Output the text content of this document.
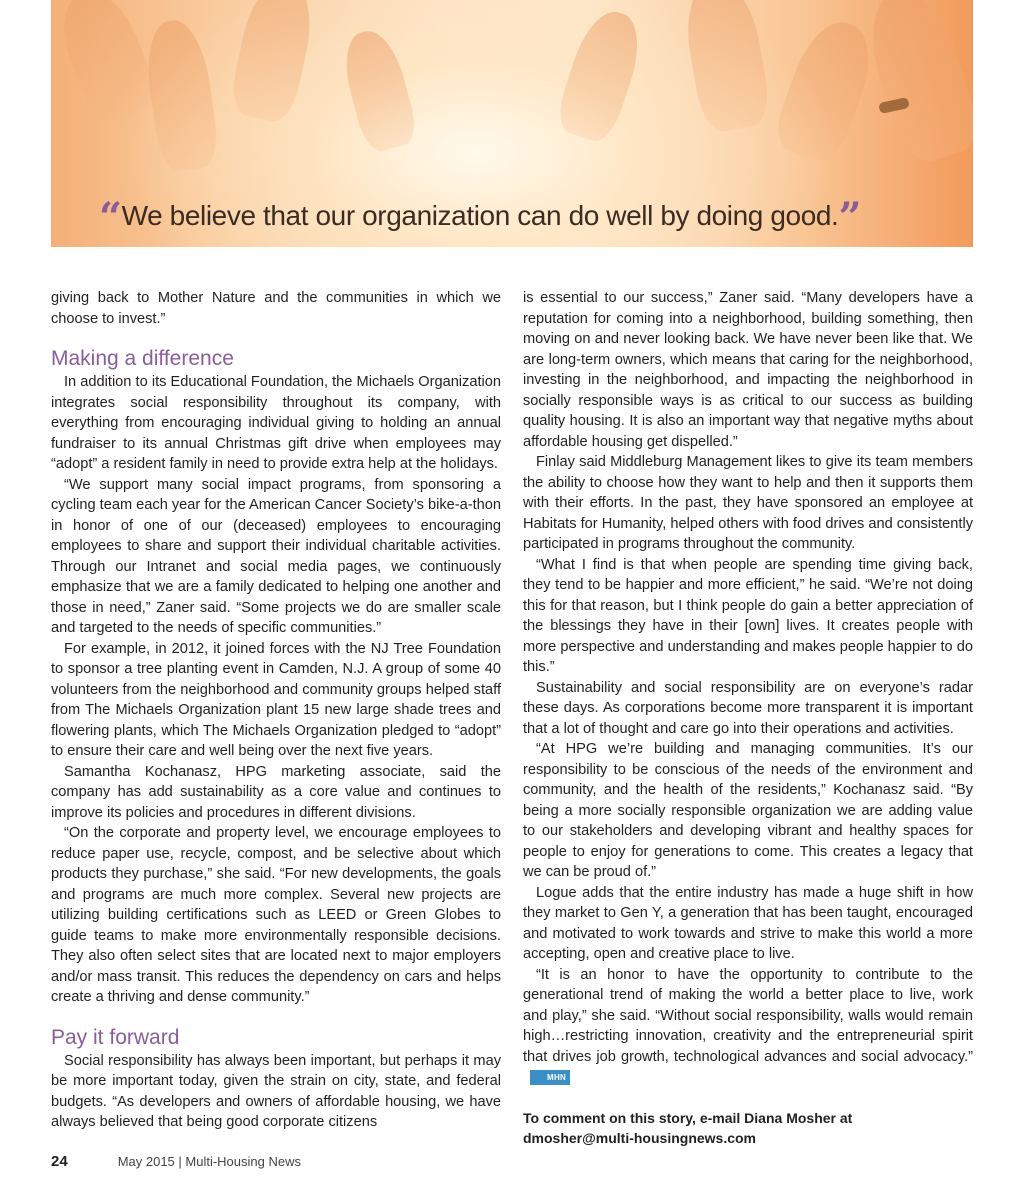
“We believe that our organization can do well by doing good.”

giving back to Mother Nature and the communities in which we choose to invest.”

Making a difference

In addition to its Educational Foundation, the Michaels Organization integrates social responsibility throughout its company, with everything from encouraging individual giving to holding an annual fundraiser to its annual Christmas gift drive when employees may “adopt” a resident family in need to provide extra help at the holidays.

“We support many social impact programs, from sponsoring a cycling team each year for the American Cancer Society’s bike-a-thon in honor of one of our (deceased) employees to encouraging employees to share and support their individual charitable activities. Through our Intranet and social media pages, we continuously emphasize that we are a family dedicated to helping one another and those in need,” Zaner said. “Some projects we do are smaller scale and targeted to the needs of specific communities.”

For example, in 2012, it joined forces with the NJ Tree Foundation to sponsor a tree planting event in Camden, N.J. A group of some 40 volunteers from the neighborhood and community groups helped staff from The Michaels Organization plant 15 new large shade trees and flowering plants, which The Michaels Organization pledged to “adopt” to ensure their care and well being over the next five years.

Samantha Kochanasz, HPG marketing associate, said the company has add sustainability as a core value and continues to improve its policies and procedures in different divisions.

“On the corporate and property level, we encourage employees to reduce paper use, recycle, compost, and be selective about which products they purchase,” she said. “For new developments, the goals and programs are much more complex. Several new projects are utilizing building certifications such as LEED or Green Globes to guide teams to make more environmentally responsible decisions. They also often select sites that are located next to major employers and/or mass transit. This reduces the dependency on cars and helps create a thriving and dense community.”

Pay it forward

Social responsibility has always been important, but perhaps it may be more important today, given the strain on city, state, and federal budgets. “As developers and owners of affordable housing, we have always believed that being good corporate citizens

is essential to our success,” Zaner said. “Many developers have a reputation for coming into a neighborhood, building something, then moving on and never looking back. We have never been like that. We are long-term owners, which means that caring for the neighborhood, investing in the neighborhood, and impacting the neighborhood in socially responsible ways is as critical to our success as building quality housing. It is also an important way that negative myths about affordable housing get dispelled.”

Finlay said Middleburg Management likes to give its team members the ability to choose how they want to help and then it supports them with their efforts. In the past, they have sponsored an employee at Habitats for Humanity, helped others with food drives and consistently participated in programs throughout the community.

“What I find is that when people are spending time giving back, they tend to be happier and more efficient,” he said. “We’re not doing this for that reason, but I think people do gain a better appreciation of the blessings they have in their [own] lives. It creates people with more perspective and understanding and makes people happier to do this.”

Sustainability and social responsibility are on everyone’s radar these days. As corporations become more transparent it is important that a lot of thought and care go into their operations and activities.

“At HPG we’re building and managing communities. It’s our responsibility to be conscious of the needs of the environment and community, and the health of the residents,” Kochanasz said. “By being a more socially responsible organization we are adding value to our stakeholders and developing vibrant and healthy spaces for people to enjoy for generations to come. This creates a legacy that we can be proud of.”

Logue adds that the entire industry has made a huge shift in how they market to Gen Y, a generation that has been taught, encouraged and motivated to work towards and strive to make this world a more accepting, open and creative place to live.

“It is an honor to have the opportunity to contribute to the generational trend of making the world a better place to live, work and play,” she said. “Without social responsibility, walls would remain high…restricting innovation, creativity and the entrepreneurial spirit that drives job growth, technological advances and social advocacy.”MHN

To comment on this story, e-mail Diana Mosher at
dmosher@multi-housingnews.com
24	May 2015 | Multi-Housing News
